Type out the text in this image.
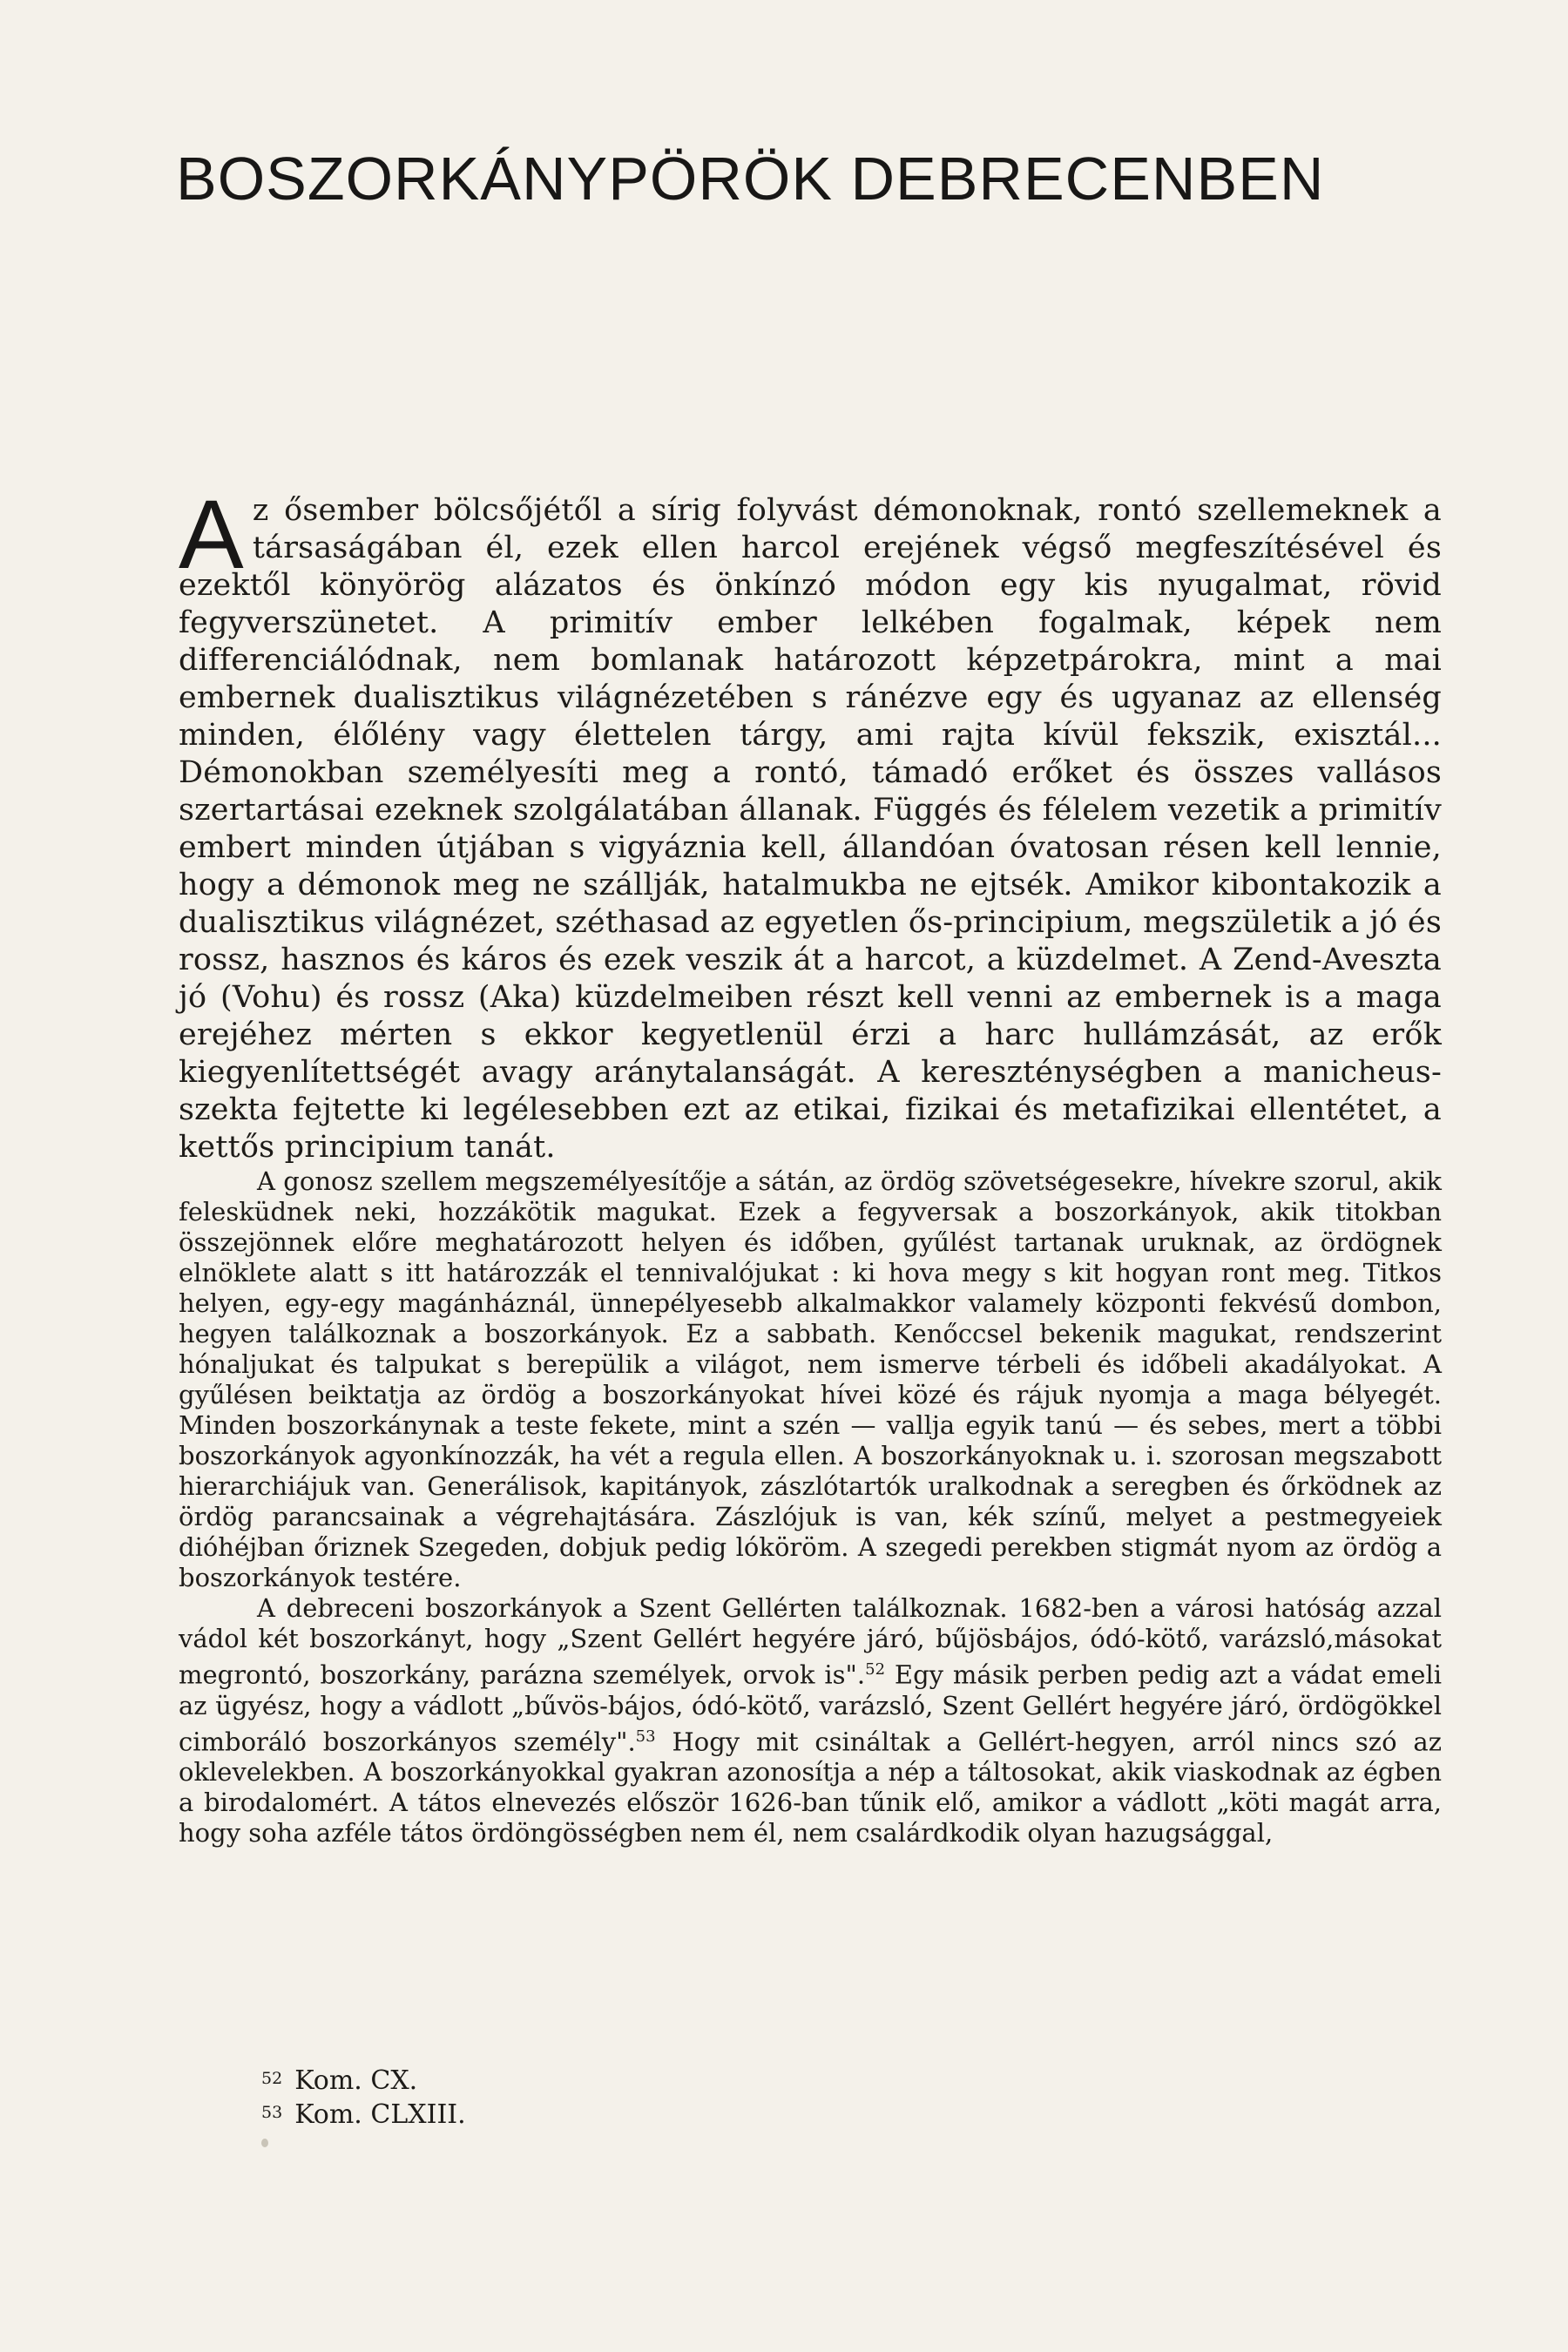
BOSZORKÁNYPÖRÖK DEBRECENBEN

Az ősember bölcsőjétől a sírig folyvást démonoknak, rontó szellemeknek a társaságában él, ezek ellen harcol erejének végső megfeszítésével és ezektől könyörög alázatos és önkínzó módon egy kis nyugalmat, rövid fegyverszünetet. A primitív ember lelkében fogalmak, képek nem differenciálódnak, nem bomlanak határozott képzetpárokra, mint a mai embernek dualisztikus világnézetében s ránézve egy és ugyanaz az ellenség minden, élőlény vagy élettelen tárgy, ami rajta kívül fekszik, exisztál... Démonokban személyesíti meg a rontó, támadó erőket és összes vallásos szertartásai ezeknek szolgálatában állanak. Függés és félelem vezetik a primitív embert minden útjában s vigyáznia kell, állandóan óvatosan résen kell lennie, hogy a démonok meg ne szállják, hatalmukba ne ejtsék. Amikor kibontakozik a dualisztikus világnézet, széthasad az egyetlen ős-principium, megszületik a jó és rossz, hasznos és káros és ezek veszik át a harcot, a küzdelmet. A Zend-Aveszta jó (Vohu) és rossz (Aka) küzdelmeiben részt kell venni az embernek is a maga erejéhez mérten s ekkor kegyetlenül érzi a harc hullámzását, az erők kiegyenlítettségét avagy aránytalanságát. A kereszténységben a manicheus-szekta fejtette ki legélesebben ezt az etikai, fizikai és metafizikai ellentétet, a kettős principium tanát.

A gonosz szellem megszemélyesítője a sátán, az ördög szövetségesekre, hívekre szorul, akik felesküdnek neki, hozzákötik magukat. Ezek a fegyversak a boszorkányok, akik titokban összejönnek előre meghatározott helyen és időben, gyűlést tartanak uruknak, az ördögnek elnöklete alatt s itt határozzák el tennivalójukat : ki hova megy s kit hogyan ront meg. Titkos helyen, egy-egy magánháznál, ünnepélyesebb alkalmakkor valamely központi fekvésű dombon, hegyen találkoznak a boszorkányok. Ez a sabbath. Kenőccsel bekenik magukat, rendszerint hónaljukat és talpukat s berepülik a világot, nem ismerve térbeli és időbeli akadályokat. A gyűlésen beiktatja az ördög a boszorkányokat hívei közé és rájuk nyomja a maga bélyegét. Minden boszorkánynak a teste fekete, mint a szén — vallja egyik tanú — és sebes, mert a többi boszorkányok agyonkínozzák, ha vét a regula ellen. A boszorkányoknak u. i. szorosan megszabott hierarchiájuk van. Generálisok, kapitányok, zászlótartók uralkodnak a seregben és őrködnek az ördög parancsainak a végrehajtására. Zászlójuk is van, kék színű, melyet a pestmegyeiek dióhéjban őriznek Szegeden, dobjuk pedig lóköröm. A szegedi perekben stigmát nyom az ördög a boszorkányok testére.

A debreceni boszorkányok a Szent Gellérten találkoznak. 1682-ben a városi hatóság azzal vádol két boszorkányt, hogy „Szent Gellért hegyére járó, bűjösbájos, ódó-kötő, varázsló,másokat megrontó, boszorkány, parázna személyek, orvok is".$^{52}$ Egy másik perben pedig azt a vádat emeli az ügyész, hogy a vádlott „bűvös-bájos, ódó-kötő, varázsló, Szent Gellért hegyére járó, ördögökkel cimboráló boszorkányos személy".$^{53}$ Hogy mit csináltak a Gellért-hegyen, arról nincs szó az oklevelekben. A boszorkányokkal gyakran azonosítja a nép a táltosokat, akik viaskodnak az égben a birodalomért. A tátos elnevezés először 1626-ban tűnik elő, amikor a vádlott „köti magát arra, hogy soha azféle tátos ördöngösségben nem él, nem csalárdkodik olyan hazugsággal,

$^{52}$ Kom. CX.
$^{53}$ Kom. CLXIII.
